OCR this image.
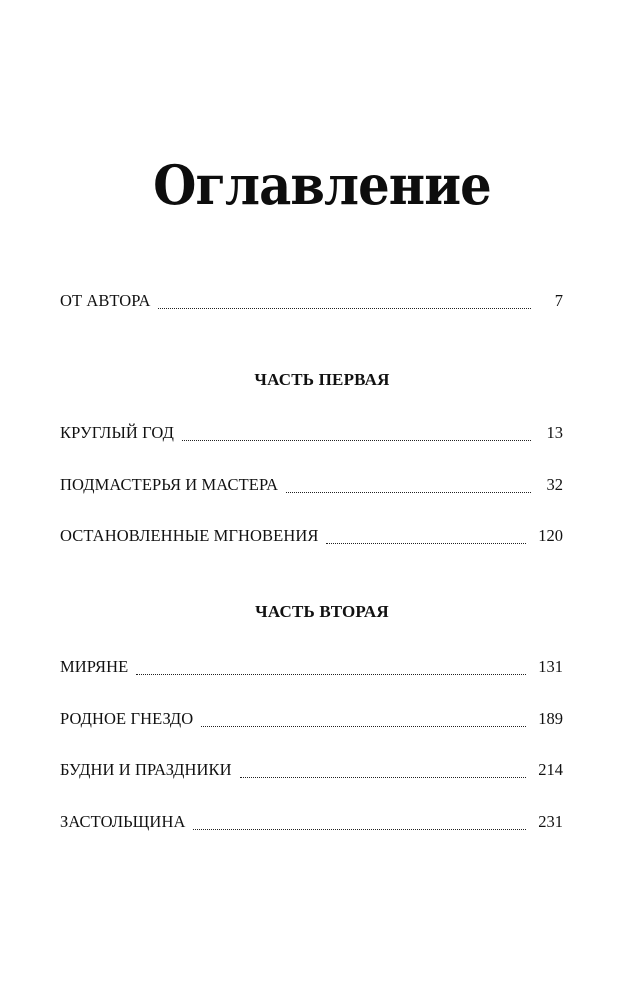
Оглавление
ОТ АВТОРА	7
ЧАСТЬ ПЕРВАЯ
КРУГЛЫЙ ГОД	13
ПОДМАСТЕРЬЯ И МАСТЕРА	32
ОСТАНОВЛЕННЫЕ МГНОВЕНИЯ	120
ЧАСТЬ ВТОРАЯ
МИРЯНЕ	131
РОДНОЕ ГНЕЗДО	189
БУДНИ И ПРАЗДНИКИ	214
ЗАСТОЛЬЩИНА	231
